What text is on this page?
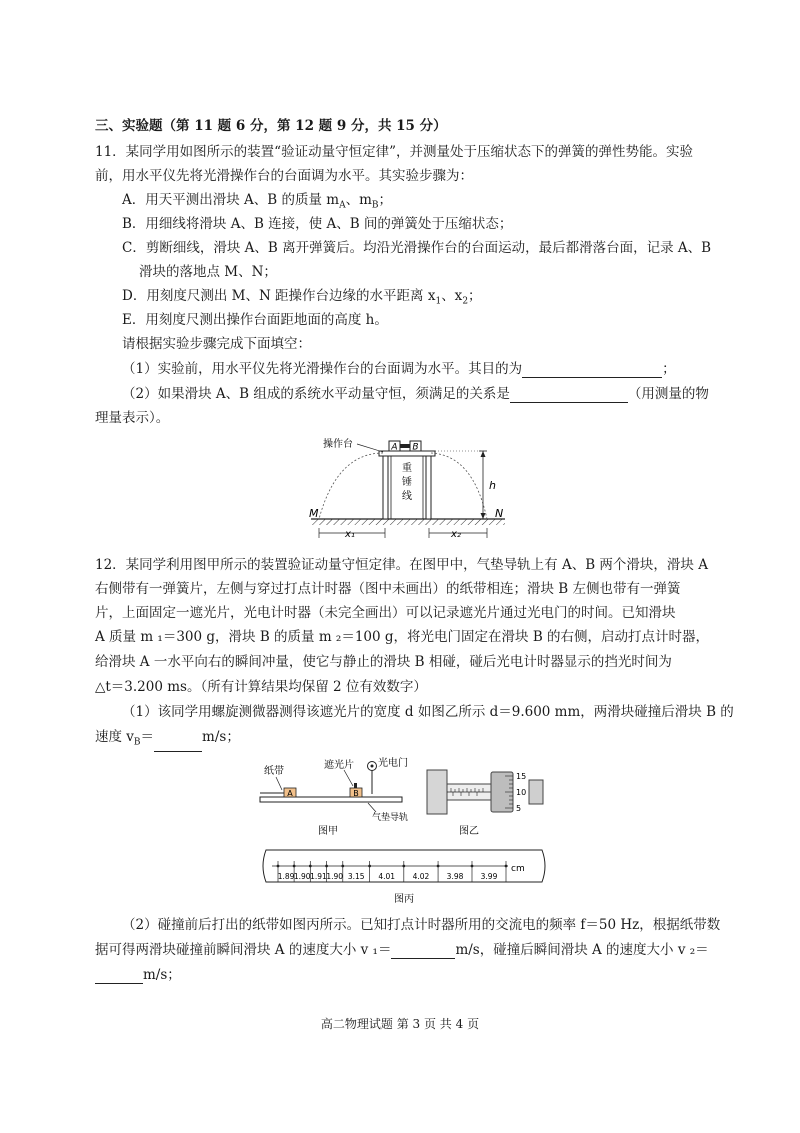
三、实验题（第 11 题 6 分，第 12 题 9 分，共 15 分）
11．某同学用如图所示的装置“验证动量守恒定律”，并测量处于压缩状态下的弹簧的弹性势能。实验
前，用水平仪先将光滑操作台的台面调为水平。其实验步骤为：
A．用天平测出滑块 A、B 的质量 $m_A$、$m_B$；
B．用细线将滑块 A、B 连接，使 A、B 间的弹簧处于压缩状态；
C．剪断细线，滑块 A、B 离开弹簧后。均沿光滑操作台的台面运动，最后都滑落台面，记录 A、B
滑块的落地点 M、N；
D．用刻度尺测出 M、N 距操作台边缘的水平距离 $x_1$、$x_2$；
E．用刻度尺测出操作台面距地面的高度 h。
请根据实验步骤完成下面填空：
（1）实验前，用水平仪先将光滑操作台的台面调为水平。其目的为	；
（2）如果滑块 A、B 组成的系统水平动量守恒，须满足的关系是	（用测量的物
理量表示）。
重
锤
线
A B
操作台
h
M	N
x₁	x₂
12．某同学利用图甲所示的装置验证动量守恒定律。在图甲中，气垫导轨上有 A、B 两个滑块，滑块 A
右侧带有一弹簧片，左侧与穿过打点计时器（图中未画出）的纸带相连；滑块 B 左侧也带有一弹簧
片，上面固定一遮光片，光电计时器（未完全画出）可以记录遮光片通过光电门的时间。已知滑块
A 质量 m ₁＝300 g，滑块 B 的质量 m ₂＝100 g，将光电门固定在滑块 B 的右侧，启动打点计时器，
给滑块 A 一水平向右的瞬间冲量，使它与静止的滑块 B 相碰，碰后光电计时器显示的挡光时间为
△t＝3.200 ms。（所有计算结果均保留 2 位有效数字）
（1）该同学用螺旋测微器测得该遮光片的宽度 d 如图乙所示 d＝9.600 mm，两滑块碰撞后滑块 B 的
速度 $v_B=$	m/s；
纸带
遮光片 光电门
A	B
气垫导轨
图甲
15
10
5
图乙
1.89 1.90 1.91 1.90 3.15 4.01 4.02 3.98 3.99
cm
图丙
（2）碰撞前后打出的纸带如图丙所示。已知打点计时器所用的交流电的频率 f＝50 Hz，根据纸带数
据可得两滑块碰撞前瞬间滑块 A 的速度大小 v ₁＝	m/s，碰撞后瞬间滑块 A 的速度大小 v ₂＝
m/s；
高二物理试题 第 3 页 共 4 页
